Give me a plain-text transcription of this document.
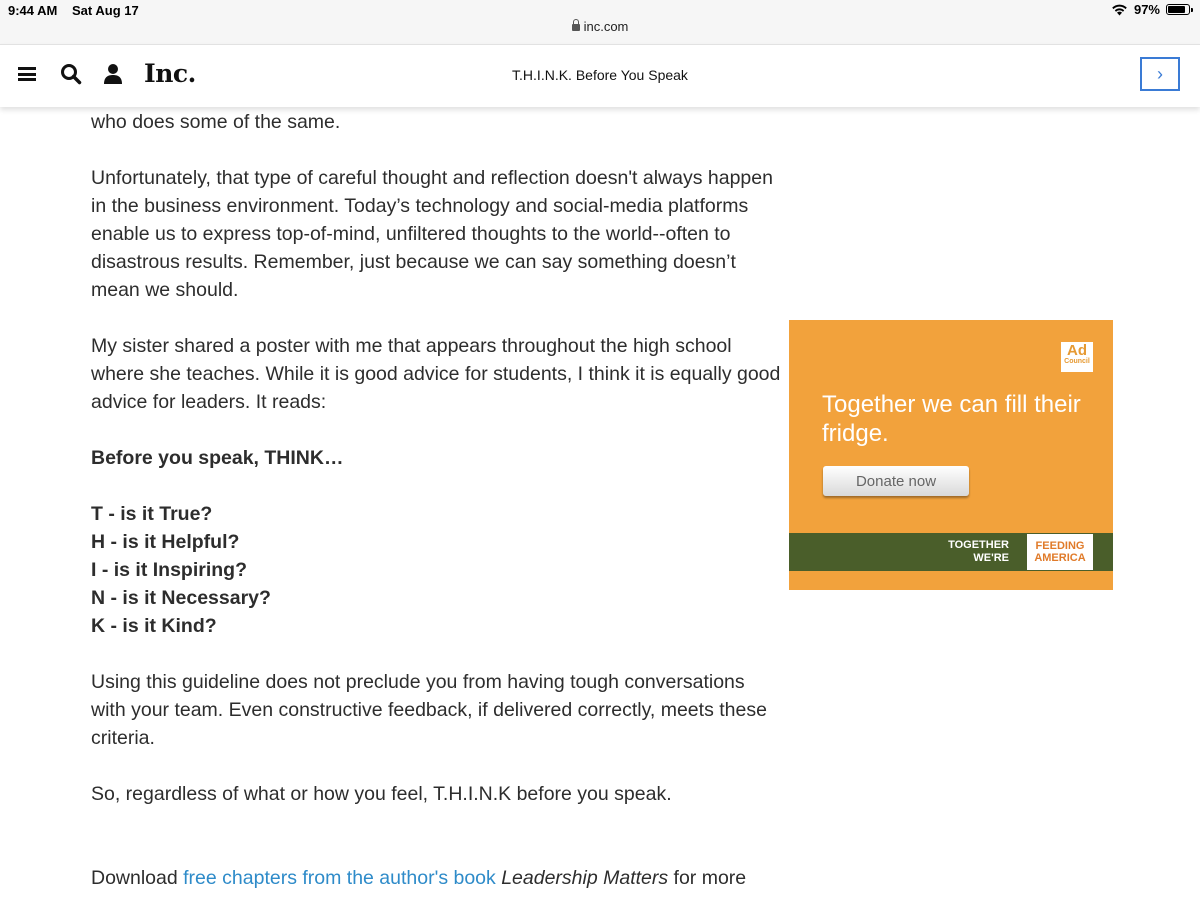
9:44 AM Sat Aug 17	97%
inc.com
Inc.	T.H.I.N.K. Before You Speak	›

who does some of the same.

Unfortunately, that type of careful thought and reflection doesn't always happen in the business environment. Today’s technology and social-media platforms enable us to express top-of-mind, unfiltered thoughts to the world--often to disastrous results. Remember, just because we can say something doesn’t mean we should.

My sister shared a poster with me that appears throughout the high school where she teaches. While it is good advice for students, I think it is equally good advice for leaders. It reads:

Before you speak, THINK…

T - is it True?
H - is it Helpful?
I - is it Inspiring?
N - is it Necessary?
K - is it Kind?

Using this guideline does not preclude you from having tough conversations with your team. Even constructive feedback, if delivered correctly, meets these criteria.

So, regardless of what or how you feel, T.H.I.N.K before you speak.

Download free chapters from the author's book Leadership Matters for more

Ad
Council
Together we can fill their fridge.
Donate now
TOGETHER
WE'RE
FEEDING
AMERICA
